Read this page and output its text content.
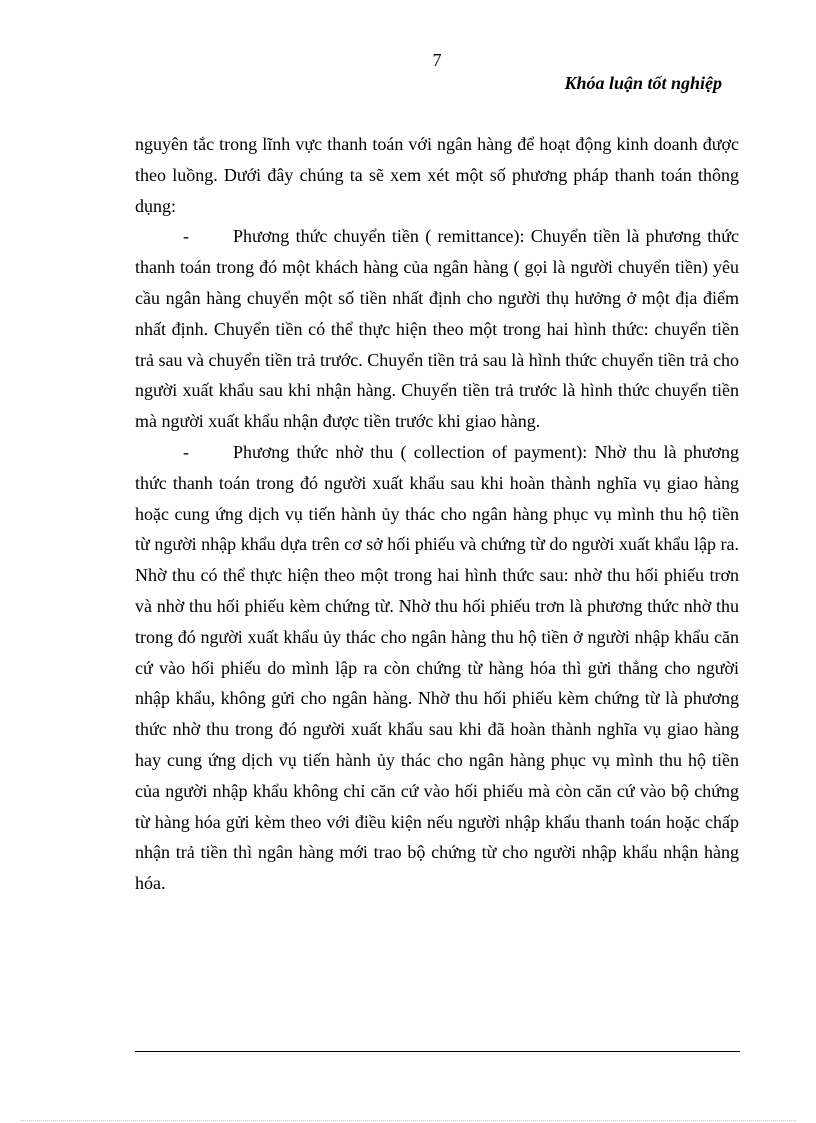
7
Khóa luận tốt nghiệp

nguyên tắc trong lĩnh vực thanh toán với ngân hàng để hoạt động kinh doanh được theo luồng. Dưới đây chúng ta sẽ xem xét một số phương pháp thanh toán thông dụng:

- Phương thức chuyển tiền ( remittance): Chuyển tiền là phương thức thanh toán trong đó một khách hàng của ngân hàng ( gọi là người chuyển tiền) yêu cầu ngân hàng chuyển một số tiền nhất định cho người thụ hưởng ở một địa điểm nhất định. Chuyển tiền có thể thực hiện theo một trong hai hình thức: chuyển tiền trả sau và chuyển tiền trả trước. Chuyển tiền trả sau là hình thức chuyển tiền trả cho người xuất khẩu sau khi nhận hàng. Chuyển tiền trả trước là hình thức chuyển tiền mà người xuất khẩu nhận được tiền trước khi giao hàng.

- Phương thức nhờ thu ( collection of payment): Nhờ thu là phương thức thanh toán trong đó người xuất khẩu sau khi hoàn thành nghĩa vụ giao hàng hoặc cung ứng dịch vụ tiến hành ủy thác cho ngân hàng phục vụ mình thu hộ tiền từ người nhập khẩu dựa trên cơ sở hối phiếu và chứng từ do người xuất khẩu lập ra. Nhờ thu có thể thực hiện theo một trong hai hình thức sau: nhờ thu hối phiếu trơn và nhờ thu hối phiếu kèm chứng từ. Nhờ thu hối phiếu trơn là phương thức nhờ thu trong đó người xuất khẩu ủy thác cho ngân hàng thu hộ tiền ở người nhập khẩu căn cứ vào hối phiếu do mình lập ra còn chứng từ hàng hóa thì gửi thẳng cho người nhập khẩu, không gửi cho ngân hàng. Nhờ thu hối phiếu kèm chứng từ là phương thức nhờ thu trong đó người xuất khẩu sau khi đã hoàn thành nghĩa vụ giao hàng hay cung ứng dịch vụ tiến hành ủy thác cho ngân hàng phục vụ mình thu hộ tiền của người nhập khẩu không chỉ căn cứ vào hối phiếu mà còn căn cứ vào bộ chứng từ hàng hóa gửi kèm theo với điều kiện nếu người nhập khẩu thanh toán hoặc chấp nhận trả tiền thì ngân hàng mới trao bộ chứng từ cho người nhập khẩu nhận hàng hóa.
